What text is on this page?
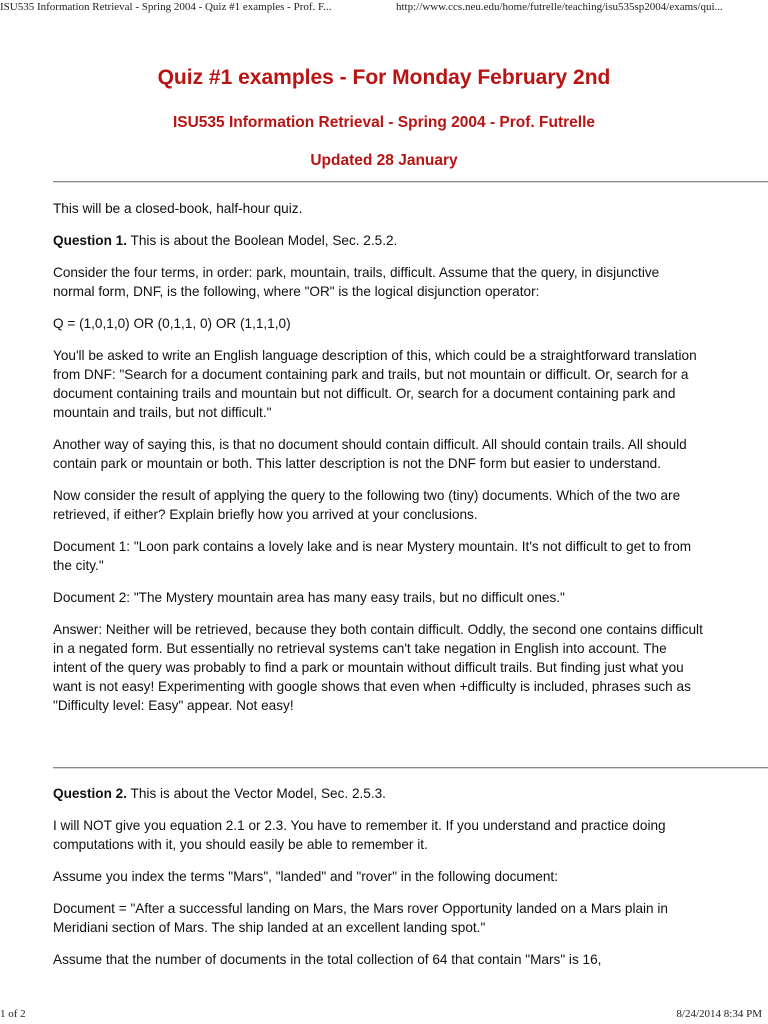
ISU535 Information Retrieval - Spring 2004 - Quiz #1 examples - Prof. F...	http://www.ccs.neu.edu/home/futrelle/teaching/isu535sp2004/exams/qui...
Quiz #1 examples - For Monday February 2nd
ISU535 Information Retrieval - Spring 2004 - Prof. Futrelle
Updated 28 January

This will be a closed-book, half-hour quiz.

Question 1. This is about the Boolean Model, Sec. 2.5.2.

Consider the four terms, in order: park, mountain, trails, difficult. Assume that the query, in disjunctive normal form, DNF, is the following, where "OR" is the logical disjunction operator:

Q = (1,0,1,0) OR (0,1,1, 0) OR (1,1,1,0)

You'll be asked to write an English language description of this, which could be a straightforward translation from DNF: "Search for a document containing park and trails, but not mountain or difficult. Or, search for a document containing trails and mountain but not difficult. Or, search for a document containing park and mountain and trails, but not difficult."

Another way of saying this, is that no document should contain difficult. All should contain trails. All should contain park or mountain or both. This latter description is not the DNF form but easier to understand.

Now consider the result of applying the query to the following two (tiny) documents. Which of the two are retrieved, if either? Explain briefly how you arrived at your conclusions.

Document 1: "Loon park contains a lovely lake and is near Mystery mountain. It's not difficult to get to from the city."

Document 2: "The Mystery mountain area has many easy trails, but no difficult ones."

Answer: Neither will be retrieved, because they both contain difficult. Oddly, the second one contains difficult in a negated form. But essentially no retrieval systems can't take negation in English into account. The intent of the query was probably to find a park or mountain without difficult trails. But finding just what you want is not easy! Experimenting with google shows that even when +difficulty is included, phrases such as "Difficulty level: Easy" appear. Not easy!

Question 2. This is about the Vector Model, Sec. 2.5.3.

I will NOT give you equation 2.1 or 2.3. You have to remember it. If you understand and practice doing computations with it, you should easily be able to remember it.

Assume you index the terms "Mars", "landed" and "rover" in the following document:

Document = "After a successful landing on Mars, the Mars rover Opportunity landed on a Mars plain in Meridiani section of Mars. The ship landed at an excellent landing spot."

Assume that the number of documents in the total collection of 64 that contain "Mars" is 16,

1 of 2	8/24/2014 8:34 PM
